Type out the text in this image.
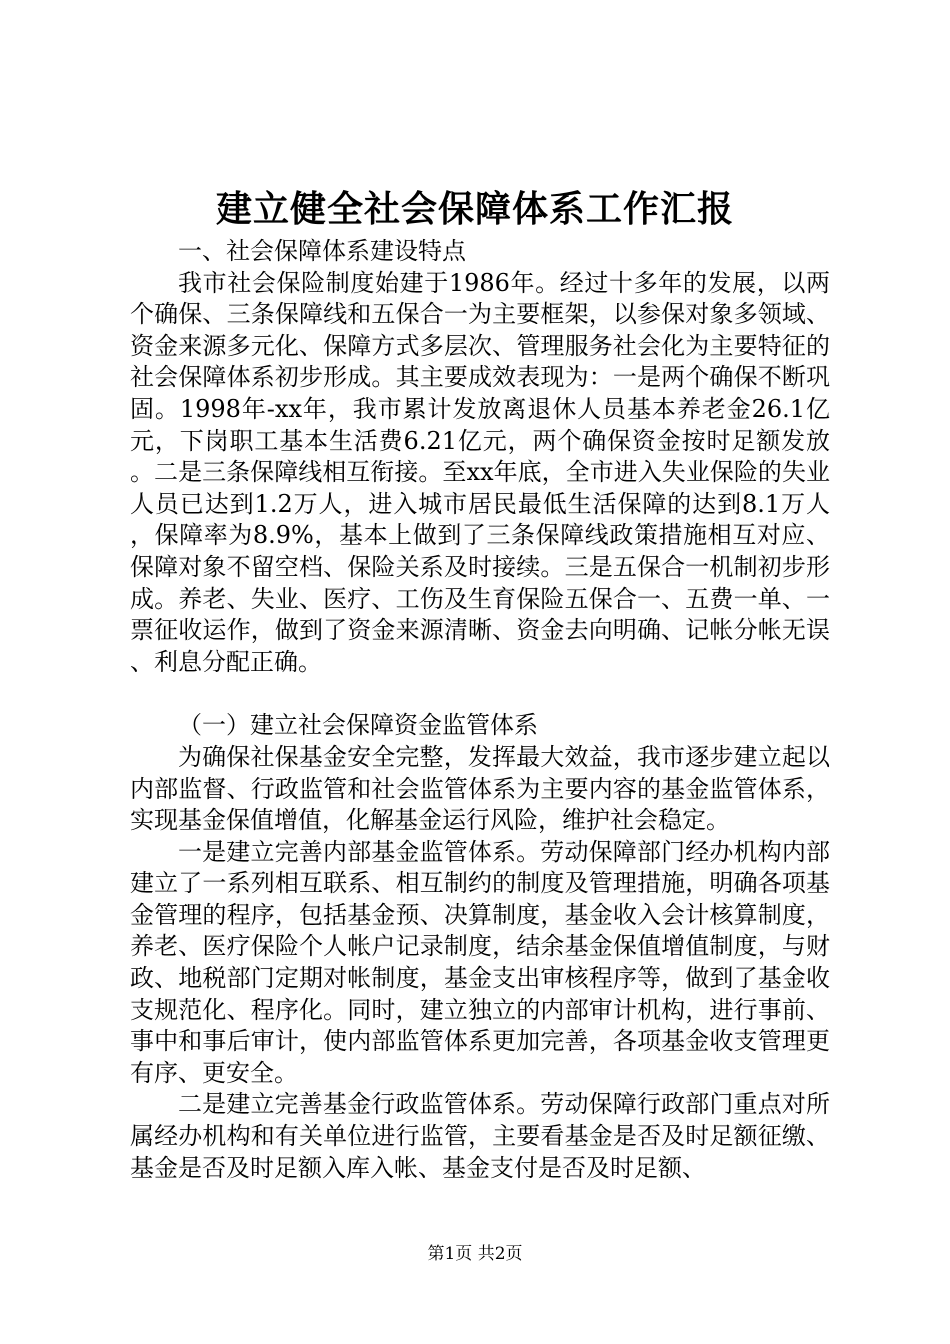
建立健全社会保障体系工作汇报

一、社会保障体系建设特点

我市社会保险制度始建于1986年。经过十多年的发展，以两个确保、三条保障线和五保合一为主要框架，以参保对象多领域、资金来源多元化、保障方式多层次、管理服务社会化为主要特征的社会保障体系初步形成。其主要成效表现为：一是两个确保不断巩固。1998年-xx年，我市累计发放离退休人员基本养老金26.1亿元，下岗职工基本生活费6.21亿元，两个确保资金按时足额发放。二是三条保障线相互衔接。至xx年底，全市进入失业保险的失业人员已达到1.2万人，进入城市居民最低生活保障的达到8.1万人，保障率为8.9%，基本上做到了三条保障线政策措施相互对应、保障对象不留空档、保险关系及时接续。三是五保合一机制初步形成。养老、失业、医疗、工伤及生育保险五保合一、五费一单、一票征收运作，做到了资金来源清晰、资金去向明确、记帐分帐无误、利息分配正确。

（一）建立社会保障资金监管体系

为确保社保基金安全完整，发挥最大效益，我市逐步建立起以内部监督、行政监管和社会监管体系为主要内容的基金监管体系，实现基金保值增值，化解基金运行风险，维护社会稳定。

一是建立完善内部基金监管体系。劳动保障部门经办机构内部建立了一系列相互联系、相互制约的制度及管理措施，明确各项基金管理的程序，包括基金预、决算制度，基金收入会计核算制度，养老、医疗保险个人帐户记录制度，结余基金保值增值制度，与财政、地税部门定期对帐制度，基金支出审核程序等，做到了基金收支规范化、程序化。同时，建立独立的内部审计机构，进行事前、事中和事后审计，使内部监管体系更加完善，各项基金收支管理更有序、更安全。

二是建立完善基金行政监管体系。劳动保障行政部门重点对所属经办机构和有关单位进行监管，主要看基金是否及时足额征缴、基金是否及时足额入库入帐、基金支付是否及时足额、

第1页 共2页
